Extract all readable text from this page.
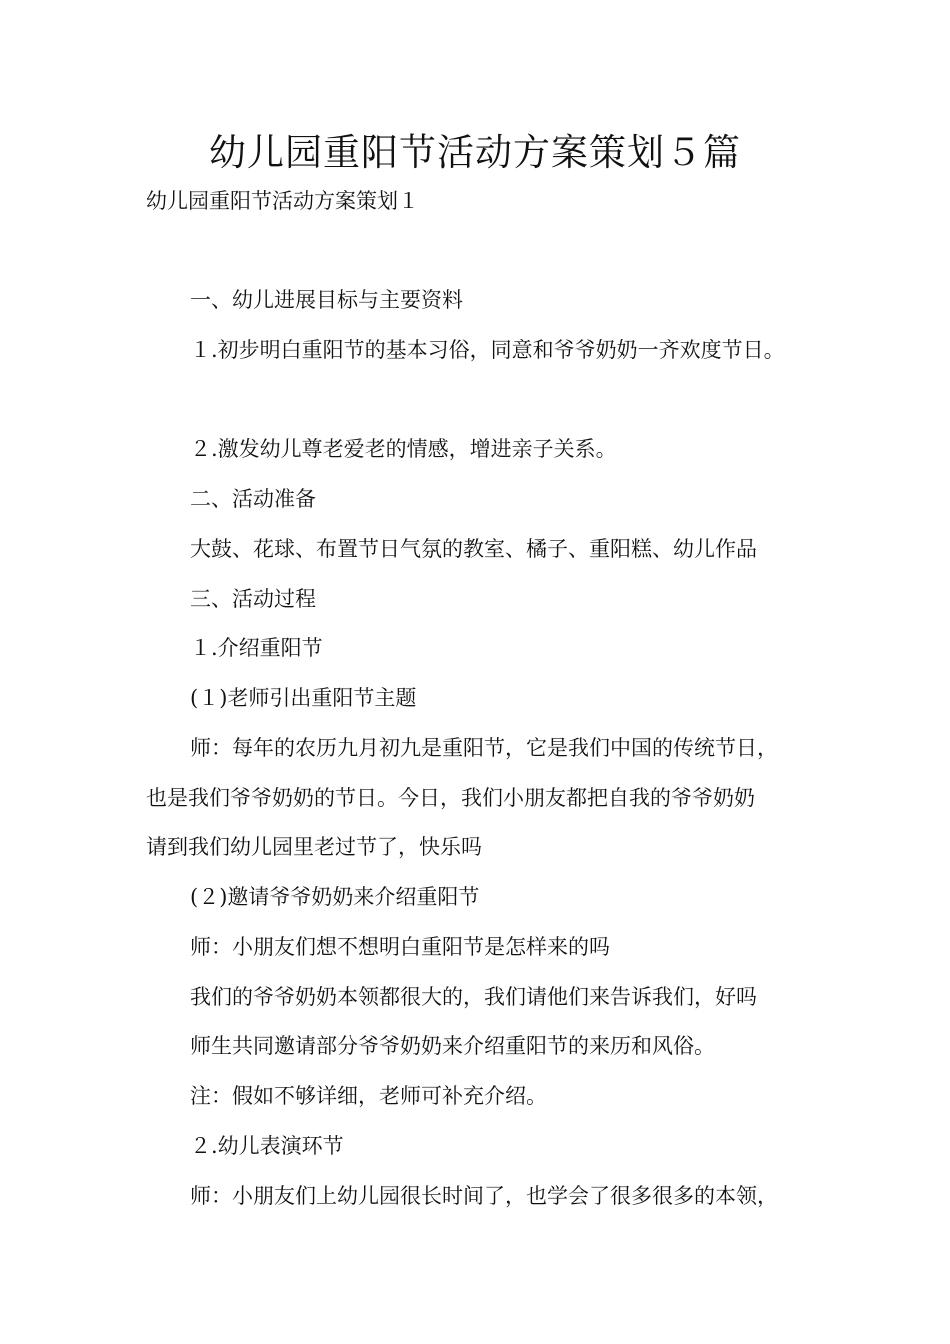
幼儿园重阳节活动方案策划５篇

幼儿园重阳节活动方案策划１

一、幼儿进展目标与主要资料

１.初步明白重阳节的基本习俗，同意和爷爷奶奶一齐欢度节日。

２.激发幼儿尊老爱老的情感，增进亲子关系。

二、活动准备

大鼓、花球、布置节日气氛的教室、橘子、重阳糕、幼儿作品

三、活动过程

１.介绍重阳节

(１)老师引出重阳节主题

师：每年的农历九月初九是重阳节，它是我们中国的传统节日，

也是我们爷爷奶奶的节日。今日，我们小朋友都把自我的爷爷奶奶

请到我们幼儿园里老过节了，快乐吗

(２)邀请爷爷奶奶来介绍重阳节

师：小朋友们想不想明白重阳节是怎样来的吗

我们的爷爷奶奶本领都很大的，我们请他们来告诉我们，好吗

师生共同邀请部分爷爷奶奶来介绍重阳节的来历和风俗。

注：假如不够详细，老师可补充介绍。

２.幼儿表演环节

师：小朋友们上幼儿园很长时间了，也学会了很多很多的本领，
